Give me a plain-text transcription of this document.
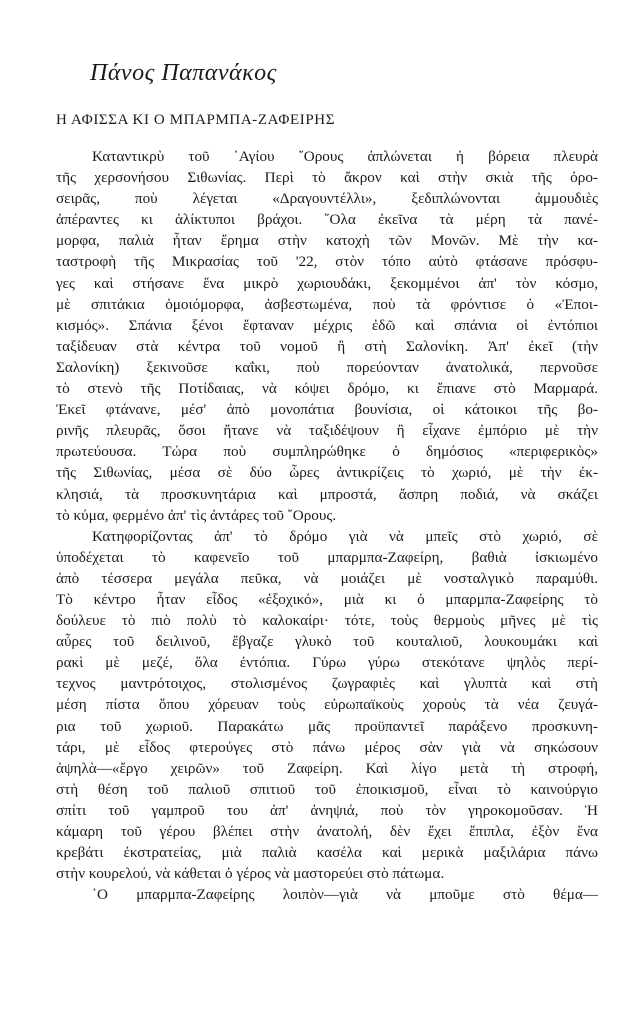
Πάνος Παπανάκος
Η ΑΦΙΣΣΑ ΚΙ Ο ΜΠΑΡΜΠΑ-ΖΑΦΕΙΡΗΣ
Καταντικρὺ τοῦ ῾Αγίου ῎Ορους ἁπλώνεται ἡ βόρεια πλευρὰ
τῆς χερσονήσου Σιθωνίας. Περὶ τὸ ἄκρον καὶ στὴν σκιὰ τῆς ὀρο-
σειρᾶς, ποὺ λέγεται «Δραγουντέλλι», ξεδιπλώνονται ἀμμουδιὲς
ἀπέραντες κι ἀλίκτυποι βράχοι. ῞Ολα ἐκεῖνα τὰ μέρη τὰ πανέ-
μορφα, παλιὰ ἦταν ἔρημα στὴν κατοχὴ τῶν Μονῶν. Μὲ τὴν κα-
ταστροφὴ τῆς Μικρασίας τοῦ '22, στὸν τόπο αὐτὸ φτάσανε πρόσφυ-
γες καὶ στήσανε ἕνα μικρὸ χωριουδάκι, ξεκομμένοι ἀπ' τὸν κόσμο,
μὲ σπιτάκια ὁμοιόμορφα, ἀσβεστωμένα, ποὺ τὰ φρόντισε ὁ «Ἐποι-
κισμός». Σπάνια ξένοι ἔφταναν μέχρις ἐδῶ καὶ σπάνια οἱ ἐντόπιοι
ταξίδευαν στὰ κέντρα τοῦ νομοῦ ἢ στὴ Σαλονίκη. Ἀπ' ἐκεῖ (τὴν
Σαλονίκη) ξεκινοῦσε καΐκι, ποὺ πορεύονταν ἀνατολικά, περνοῦσε
τὸ στενὸ τῆς Ποτίδαιας, νὰ κόψει δρόμο, κι ἔπιανε στὸ Μαρμαρά.
Ἐκεῖ φτάνανε, μέσ' ἀπὸ μονοπάτια βουνίσια, οἱ κάτοικοι τῆς βο-
ρινῆς πλευρᾶς, ὅσοι ἤτανε νὰ ταξιδέψουν ἢ εἶχανε ἐμπόριο μὲ τὴν
πρωτεύουσα. Τώρα ποὺ συμπληρώθηκε ὁ δημόσιος «περιφερικὸς»
τῆς Σιθωνίας, μέσα σὲ δύο ὧρες ἀντικρίζεις τὸ χωριό, μὲ τὴν ἐκ-
κλησιά, τὰ προσκυνητάρια καὶ μπροστά, ἄσπρη ποδιά, νὰ σκάζει
τὸ κύμα, φερμένο ἀπ' τὶς ἀντάρες τοῦ ῎Ορους.
Κατηφορίζοντας ἀπ' τὸ δρόμο γιὰ νὰ μπεῖς στὸ χωριό, σὲ
ὑποδέχεται τὸ καφενεῖο τοῦ μπαρμπα-Ζαφείρη, βαθιὰ ἰσκιωμένο
ἀπὸ τέσσερα μεγάλα πεῦκα, νὰ μοιάζει μὲ νοσταλγικὸ παραμύθι.
Τὸ κέντρο ἦταν εἶδος «ἐξοχικό», μιὰ κι ὁ μπαρμπα-Ζαφείρης τὸ
δούλευε τὸ πιὸ πολὺ τὸ καλοκαίρι· τότε, τοὺς θερμοὺς μῆνες μὲ τὶς
αὖρες τοῦ δειλινοῦ, ἔβγαζε γλυκὸ τοῦ κουταλιοῦ, λουκουμάκι καὶ
ρακὶ μὲ μεζέ, ὅλα ἐντόπια. Γύρω γύρω στεκότανε ψηλὸς περί-
τεχνος μαντρότοιχος, στολισμένος ζωγραφιὲς καὶ γλυπτὰ καὶ στὴ
μέση πίστα ὅπου χόρευαν τοὺς εὐρωπαϊκοὺς χοροὺς τὰ νέα ζευγά-
ρια τοῦ χωριοῦ. Παρακάτω μᾶς προϋπαντεῖ παράξενο προσκυνη-
τάρι, μὲ εἶδος φτερούγες στὸ πάνω μέρος σὰν γιὰ νὰ σηκώσουν
ἀψηλὰ—«ἔργο χειρῶν» τοῦ Ζαφείρη. Καὶ λίγο μετὰ τὴ στροφή,
στὴ θέση τοῦ παλιοῦ σπιτιοῦ τοῦ ἐποικισμοῦ, εἶναι τὸ καινούργιο
σπίτι τοῦ γαμπροῦ του ἀπ' ἀνηψιά, ποὺ τὸν γηροκομοῦσαν. Ἡ
κάμαρη τοῦ γέρου βλέπει στὴν ἀνατολή, δὲν ἔχει ἔπιπλα, ἐξὸν ἕνα
κρεβάτι ἐκστρατείας, μιὰ παλιὰ κασέλα καὶ μερικὰ μαξιλάρια πάνω
στὴν κουρελού, νὰ κάθεται ὁ γέρος νὰ μαστορεύει στὸ πάτωμα.
῾Ο μπαρμπα-Ζαφείρης λοιπὸν—γιὰ νὰ μποῦμε στὸ θέμα—
